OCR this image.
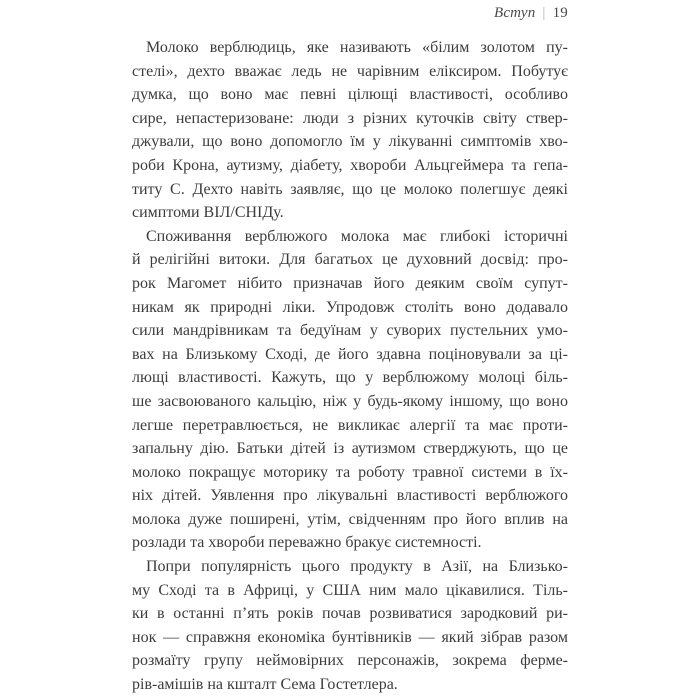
Вступ | 19
Молоко верблюдиць, яке називають «білим золотом пу-
стелі», дехто вважає ледь не чарівним еліксиром. Побутує
думка, що воно має певні цілющі властивості, особливо
сире, непастеризоване: люди з різних куточків світу ствер-
джували, що воно допомогло їм у лікуванні симптомів хво-
роби Крона, аутизму, діабету, хвороби Альцгеймера та гепа-
титу С. Дехто навіть заявляє, що це молоко полегшує деякі
симптоми ВІЛ/СНІДу.
Споживання верблюжого молока має глибокі історичні
й релігійні витоки. Для багатьох це духовний досвід: про-
рок Магомет нібито призначав його деяким своїм супут-
никам як природні ліки. Упродовж століть воно додавало
сили мандрівникам та бедуїнам у суворих пустельних умо-
вах на Близькому Сході, де його здавна поціновували за ці-
лющі властивості. Кажуть, що у верблюжому молоці біль-
ше засвоюваного кальцію, ніж у будь-якому іншому, що воно
легше перетравлюється, не викликає алергії та має проти-
запальну дію. Батьки дітей із аутизмом стверджують, що це
молоко покращує моторику та роботу травної системи в їх-
ніх дітей. Уявлення про лікувальні властивості верблюжого
молока дуже поширені, утім, свідченням про його вплив на
розлади та хвороби переважно бракує системності.
Попри популярність цього продукту в Азії, на Близько-
му Сході та в Африці, у США ним мало цікавилися. Тіль-
ки в останні п’ять років почав розвиватися зародковий ри-
нок — справжня економіка бунтівників — який зібрав разом
розмаїту групу неймовірних персонажів, зокрема ферме-
рів-амішів на кшталт Сема Гостетлера.
